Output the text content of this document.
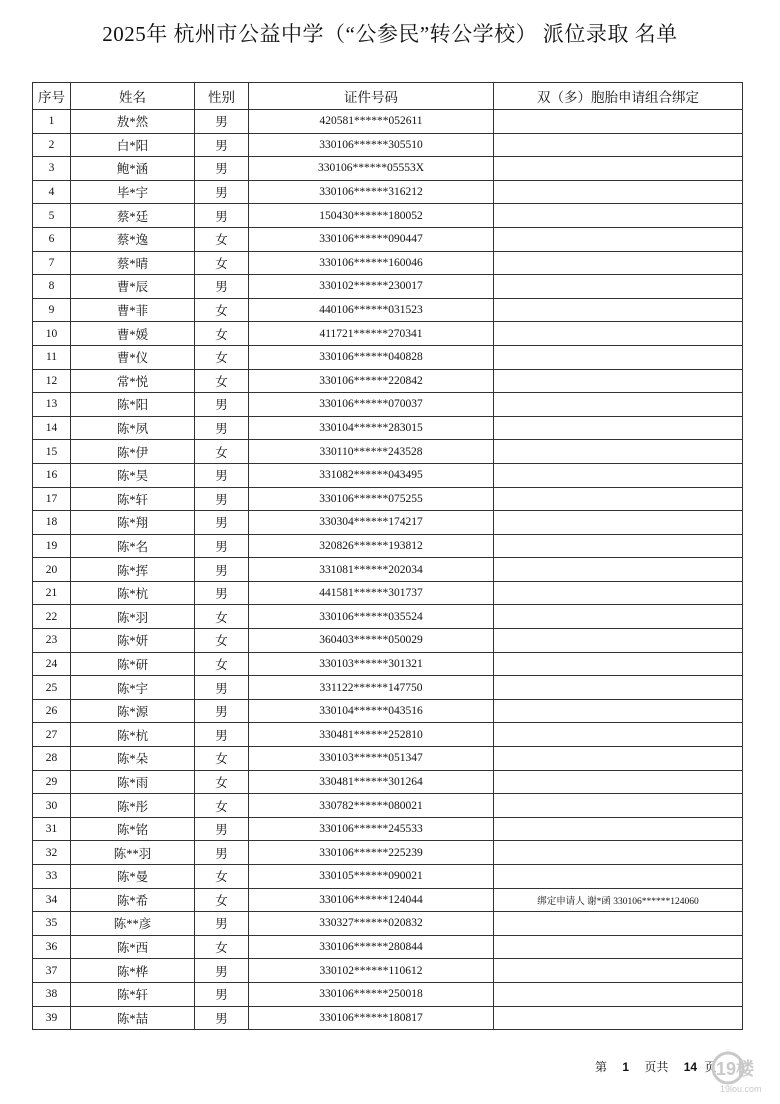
2025年 杭州市公益中学（“公参民”转公学校） 派位录取 名单
序号	姓名	性别	证件号码	双（多）胞胎申请组合绑定
1	敖*然	男	420581******052611	
2	白*阳	男	330106******305510	
3	鲍*涵	男	330106******05553X	
4	毕*宇	男	330106******316212	
5	蔡*廷	男	150430******180052	
6	蔡*逸	女	330106******090447	
7	蔡*晴	女	330106******160046	
8	曹*辰	男	330102******230017	
9	曹*菲	女	440106******031523	
10	曹*媛	女	411721******270341	
11	曹*仪	女	330106******040828	
12	常*悦	女	330106******220842	
13	陈*阳	男	330106******070037	
14	陈*夙	男	330104******283015	
15	陈*伊	女	330110******243528	
16	陈*昊	男	331082******043495	
17	陈*轩	男	330106******075255	
18	陈*翔	男	330304******174217	
19	陈*名	男	320826******193812	
20	陈*挥	男	331081******202034	
21	陈*杭	男	441581******301737	
22	陈*羽	女	330106******035524	
23	陈*妍	女	360403******050029	
24	陈*研	女	330103******301321	
25	陈*宇	男	331122******147750	
26	陈*源	男	330104******043516	
27	陈*杭	男	330481******252810	
28	陈*朵	女	330103******051347	
29	陈*雨	女	330481******301264	
30	陈*彤	女	330782******080021	
31	陈*铭	男	330106******245533	
32	陈**羽	男	330106******225239	
33	陈*曼	女	330105******090021	
34	陈*希	女	330106******124044	绑定申请人 谢*函 330106******124060
35	陈**彦	男	330327******020832	
36	陈*西	女	330106******280844	
37	陈*桦	男	330102******110612	
38	陈*轩	男	330106******250018	
39	陈*喆	男	330106******180817	
第 1 页共 14 页 19楼
19lou.com
